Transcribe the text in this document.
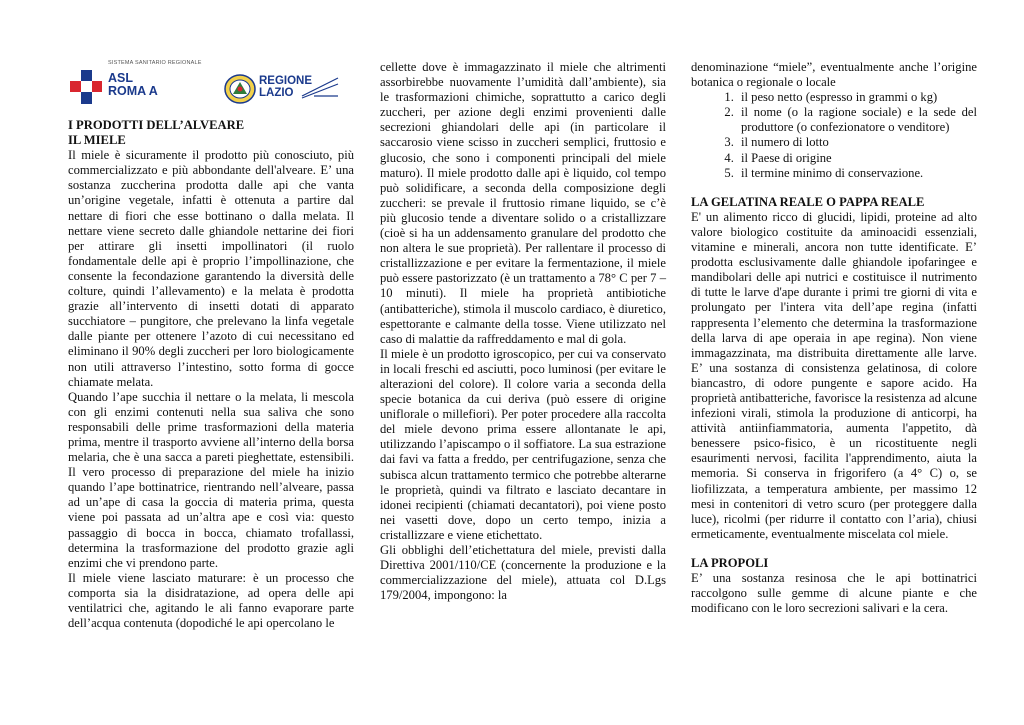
SISTEMA SANITARIO REGIONALE
ASL
ROMA A
REGIONE
LAZIO

I PRODOTTI DELL’ALVEARE

IL MIELE

Il miele è sicuramente il prodotto più conosciuto, più commercializzato e più abbondante dell'alveare. E’ una sostanza zuccherina prodotta dalle api che vanta un’origine vegetale, infatti è ottenuta a partire dal nettare di fiori che esse bottinano o dalla melata. Il nettare viene secreto dalle ghiandole nettarine dei fiori per attirare gli insetti impollinatori (il ruolo fondamentale delle api è proprio l’impollinazione, che consente la fecondazione garantendo la diversità delle colture, quindi l’allevamento) e la melata è prodotta grazie all’intervento di insetti dotati di apparato succhiatore – pungitore, che prelevano la linfa vegetale dalle piante per ottenere l’azoto di cui necessitano ed eliminano il 90% degli zuccheri per loro biologicamente non utili attraverso l’intestino, sotto forma di gocce chiamate melata.

Quando l’ape succhia il nettare o la melata, li mescola con gli enzimi contenuti nella sua saliva che sono responsabili delle prime trasformazioni della materia prima, mentre il trasporto avviene all’interno della borsa melaria, che è una sacca a pareti pieghettate, estensibili. Il vero processo di preparazione del miele ha inizio quando l’ape bottinatrice, rientrando nell’alveare, passa ad un’ape di casa la goccia di materia prima, questa viene poi passata ad un’altra ape e così via: questo passaggio di bocca in bocca, chiamato trofallassi, determina la trasformazione del prodotto grazie agli enzimi che vi prendono parte.

Il miele viene lasciato maturare: è un processo che comporta sia la disidratazione, ad opera delle api ventilatrici che, agitando le ali fanno evaporare parte dell’acqua contenuta (dopodiché le api opercolano le

cellette dove è immagazzinato il miele che altrimenti assorbirebbe nuovamente l’umidità dall’ambiente), sia le trasformazioni chimiche, soprattutto a carico degli zuccheri, per azione degli enzimi provenienti dalle secrezioni ghiandolari delle api (in particolare il saccarosio viene scisso in zuccheri semplici, fruttosio e glucosio, che sono i componenti principali del miele maturo). Il miele prodotto dalle api è liquido, col tempo può solidificare, a seconda della composizione degli zuccheri: se prevale il fruttosio rimane liquido, se c’è più glucosio tende a diventare solido o a cristallizzare (cioè si ha un addensamento granulare del prodotto che non altera le sue proprietà). Per rallentare il processo di cristallizzazione e per evitare la fermentazione, il miele può essere pastorizzato (è un trattamento a 78° C per 7 – 10 minuti). Il miele ha proprietà antibiotiche (antibatteriche), stimola il muscolo cardiaco, è diuretico, espettorante e calmante della tosse. Viene utilizzato nel caso di malattie da raffreddamento e mal di gola.

Il miele è un prodotto igroscopico, per cui va conservato in locali freschi ed asciutti, poco luminosi (per evitare le alterazioni del colore). Il colore varia a seconda della specie botanica da cui deriva (può essere di origine uniflorale o millefiori). Per poter procedere alla raccolta del miele devono prima essere allontanate le api, utilizzando l’apiscampo o il soffiatore. La sua estrazione dai favi va fatta a freddo, per centrifugazione, senza che subisca alcun trattamento termico che potrebbe alterarne le proprietà, quindi va filtrato e lasciato decantare in idonei recipienti (chiamati decantatori), poi viene posto nei vasetti dove, dopo un certo tempo, inizia a cristallizzare e viene etichettato.

Gli obblighi dell’etichettatura del miele, previsti dalla Direttiva 2001/110/CE (concernente la produzione e la commercializzazione del miele), attuata col D.Lgs 179/2004, impongono: la

denominazione “miele”, eventualmente anche l’origine botanica o regionale o locale

1. il peso netto (espresso in grammi o kg)
2. il nome (o la ragione sociale) e la sede del produttore (o confezionatore o venditore)
3. il numero di lotto
4. il Paese di origine
5. il termine minimo di conservazione.

LA GELATINA REALE O PAPPA REALE

E' un alimento ricco di glucidi, lipidi, proteine ad alto valore biologico costituite da aminoacidi essenziali, vitamine e minerali, ancora non tutte identificate. E’ prodotta esclusivamente dalle ghiandole ipofaringee e mandibolari delle api nutrici e costituisce il nutrimento di tutte le larve d'ape durante i primi tre giorni di vita e prolungato per l'intera vita dell’ape regina (infatti rappresenta l’elemento che determina la trasformazione della larva di ape operaia in ape regina). Non viene immagazzinata, ma distribuita direttamente alle larve. E’ una sostanza di consistenza gelatinosa, di colore biancastro, di odore pungente e sapore acido. Ha proprietà antibatteriche, favorisce la resistenza ad alcune infezioni virali, stimola la produzione di anticorpi, ha attività antiinfiammatoria, aumenta l'appetito, dà benessere psico-fisico, è un ricostituente negli esaurimenti nervosi, facilita l'apprendimento, aiuta la memoria. Si conserva in frigorifero (a 4° C) o, se liofilizzata, a temperatura ambiente, per massimo 12 mesi in contenitori di vetro scuro (per proteggere dalla luce), ricolmi (per ridurre il contatto con l’aria), chiusi ermeticamente, eventualmente miscelata col miele.

LA PROPOLI

E’ una sostanza resinosa che le api bottinatrici raccolgono sulle gemme di alcune piante e che modificano con le loro secrezioni salivari e la cera.
